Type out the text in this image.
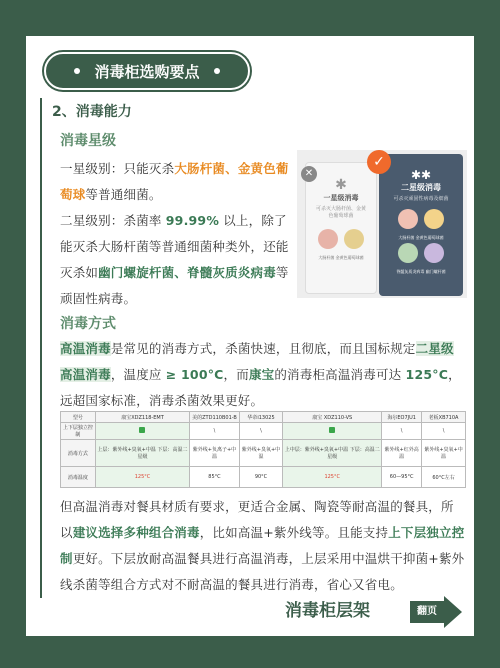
消毒柜选购要点
2、消毒能力
消毒星级
一星级别：只能灭杀大肠杆菌、金黄色葡萄球等普通细菌。
二星级别：杀菌率 99.99% 以上，除了能灭杀大肠杆菌等普通细菌种类外，还能灭杀如幽门螺旋杆菌、脊髓灰质炎病毒等顽固性病毒。
✱
一星级消毒
可杀灭大肠杆菌、金黄色葡萄球菌
大肠杆菌 金黄色葡萄球菌
✱✱
二星级消毒
可杀灭顽固性病毒及细菌
大肠杆菌 金黄色葡萄球菌
脊髓灰质炎病毒 幽门螺杆菌
✕
✓
消毒方式
高温消毒是常见的消毒方式，杀菌快速，且彻底，而且国标规定二星级高温消毒，温度应 ≥ 100°C，而康宝的消毒柜高温消毒可达 125°C，远超国家标准，消毒杀菌效果更好。
型号	康宝XDZ118-EMT	美的ZTD110B01-B	华帝i13025	康宝 XDZ110-VS	海尔EO7JU1	老板XB710A
上下层独立控制		\	\		\	\
消毒方式	上层：紫外线+臭氧+中温 下层：高温二星级	紫外线+负离子+中温	紫外线+臭氧+中温	上中层：紫外线+臭氧+中温 下层：高温二星级	紫外线+红外高温	紫外线+臭氧+中温
消毒温度	125°C	85°C	90°C	125°C	60—95°C	60°C左右
但高温消毒对餐具材质有要求，更适合金属、陶瓷等耐高温的餐具，所以建议选择多种组合消毒，比如高温+紫外线等。且能支持上下层独立控制更好。下层放耐高温餐具进行高温消毒，上层采用中温烘干抑菌+紫外线杀菌等组合方式对不耐高温的餐具进行消毒，省心又省电。
消毒柜层架	翻页
